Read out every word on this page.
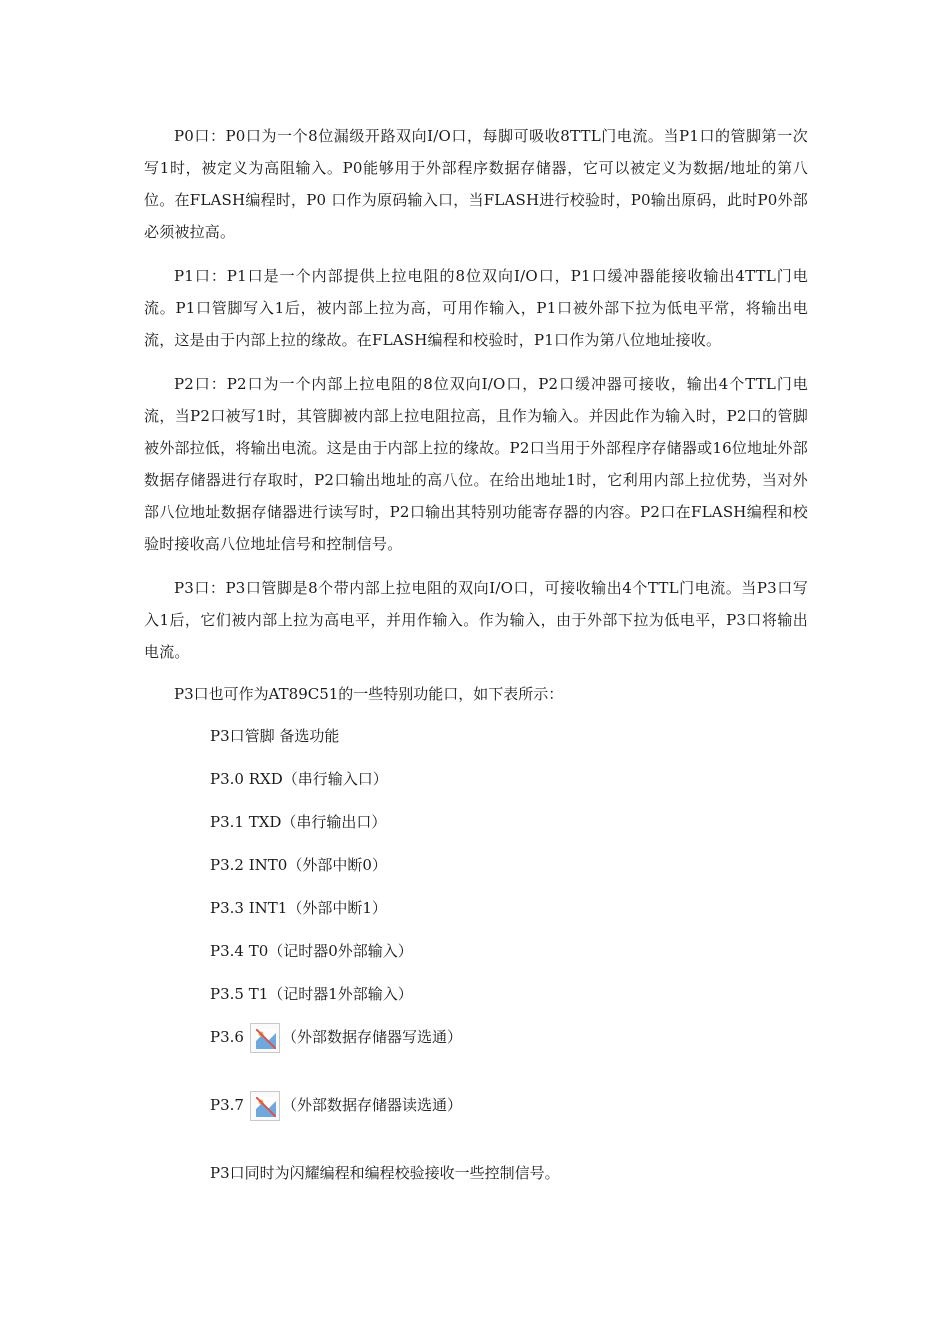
P0口：P0口为一个8位漏级开路双向I/O口，每脚可吸收8TTL门电流。当P1口的管脚第一次写1时，被定义为高阻输入。P0能够用于外部程序数据存储器，它可以被定义为数据/地址的第八位。在FLASH编程时，P0 口作为原码输入口，当FLASH进行校验时，P0输出原码，此时P0外部必须被拉高。

P1口：P1口是一个内部提供上拉电阻的8位双向I/O口，P1口缓冲器能接收输出4TTL门电流。P1口管脚写入1后，被内部上拉为高，可用作输入，P1口被外部下拉为低电平常，将输出电流，这是由于内部上拉的缘故。在FLASH编程和校验时，P1口作为第八位地址接收。

P2口：P2口为一个内部上拉电阻的8位双向I/O口，P2口缓冲器可接收，输出4个TTL门电流，当P2口被写1时，其管脚被内部上拉电阻拉高，且作为输入。并因此作为输入时，P2口的管脚被外部拉低，将输出电流。这是由于内部上拉的缘故。P2口当用于外部程序存储器或16位地址外部数据存储器进行存取时，P2口输出地址的高八位。在给出地址1时，它利用内部上拉优势，当对外部八位地址数据存储器进行读写时，P2口输出其特别功能寄存器的内容。P2口在FLASH编程和校验时接收高八位地址信号和控制信号。

P3口：P3口管脚是8个带内部上拉电阻的双向I/O口，可接收输出4个TTL门电流。当P3口写入1后，它们被内部上拉为高电平，并用作输入。作为输入，由于外部下拉为低电平，P3口将输出电流。

P3口也可作为AT89C51的一些特别功能口，如下表所示：
P3口管脚 备选功能
P3.0 RXD（串行输入口）
P3.1 TXD（串行输出口）
P3.2 INT0（外部中断0）
P3.3 INT1（外部中断1）
P3.4 T0（记时器0外部输入）
P3.5 T1（记时器1外部输入）
P3.6	（外部数据存储器写选通）
P3.7	（外部数据存储器读选通）
P3口同时为闪耀编程和编程校验接收一些控制信号。
